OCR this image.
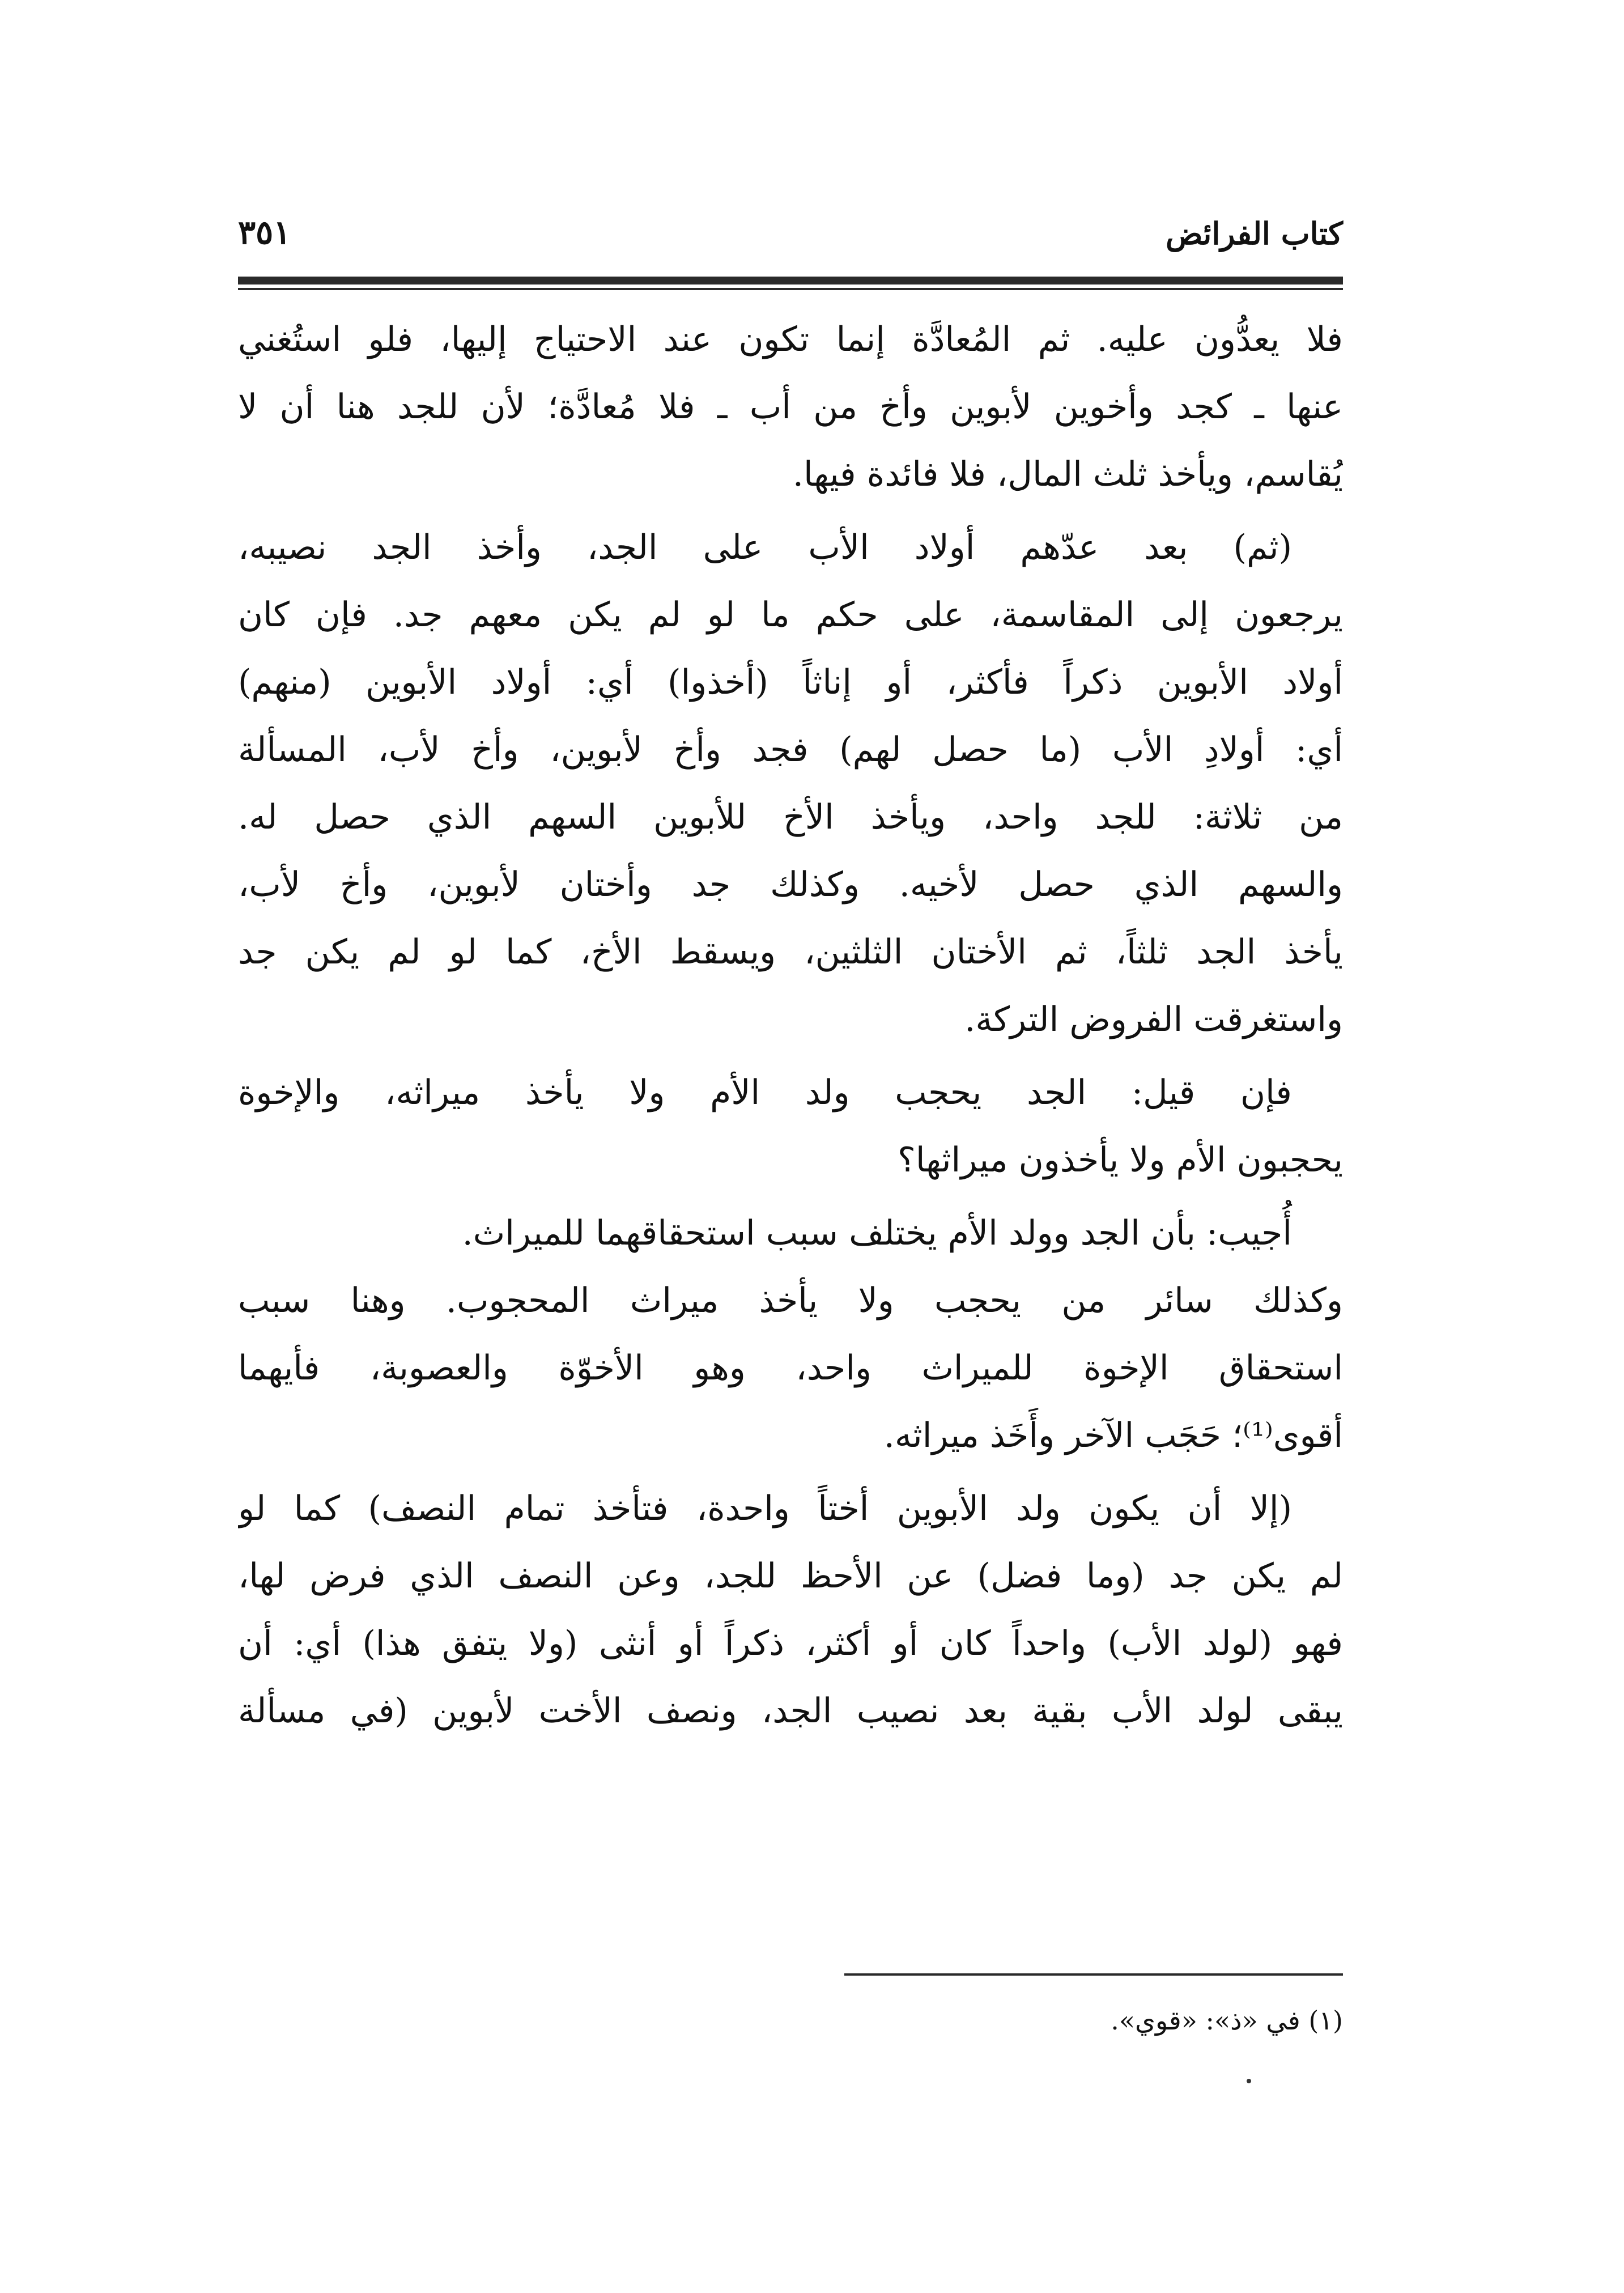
كتاب الفرائض
٣٥١
فلا يعدُّون عليه. ثم المُعادَّة إنما تكون عند الاحتياج إليها، فلو استُغني
عنها ـ كجد وأخوين لأبوين وأخ من أب ـ فلا مُعادَّة؛ لأن للجد هنا أن لا
يُقاسم، ويأخذ ثلث المال، فلا فائدة فيها.
(ثم) بعد عدّهم أولاد الأب على الجد، وأخذ الجد نصيبه،
يرجعون إلى المقاسمة، على حكم ما لو لم يكن معهم جد. فإن كان
أولاد الأبوين ذكراً فأكثر، أو إناثاً (أخذوا) أي: أولاد الأبوين (منهم)
أي: أولادِ الأب (ما حصل لهم) فجد وأخ لأبوين، وأخ لأب، المسألة
من ثلاثة: للجد واحد، ويأخذ الأخ للأبوين السهم الذي حصل له.
والسهم الذي حصل لأخيه. وكذلك جد وأختان لأبوين، وأخ لأب،
يأخذ الجد ثلثاً، ثم الأختان الثلثين، ويسقط الأخ، كما لو لم يكن جد
واستغرقت الفروض التركة.
فإن قيل: الجد يحجب ولد الأم ولا يأخذ ميراثه، والإخوة
يحجبون الأم ولا يأخذون ميراثها؟
أُجيب: بأن الجد وولد الأم يختلف سبب استحقاقهما للميراث.
وكذلك سائر من يحجب ولا يأخذ ميراث المحجوب. وهنا سبب
استحقاق الإخوة للميراث واحد، وهو الأخوّة والعصوبة، فأيهما
أقوى⁽¹⁾؛ حَجَب الآخر وأَخَذ ميراثه.
(إلا أن يكون ولد الأبوين أختاً واحدة، فتأخذ تمام النصف) كما لو
لم يكن جد (وما فضل) عن الأحظ للجد، وعن النصف الذي فرض لها،
فهو (لولد الأب) واحداً كان أو أكثر، ذكراً أو أنثى (ولا يتفق هذا) أي: أن
يبقى لولد الأب بقية بعد نصيب الجد، ونصف الأخت لأبوين (في مسألة
(١) في «ذ»: «قوي».
